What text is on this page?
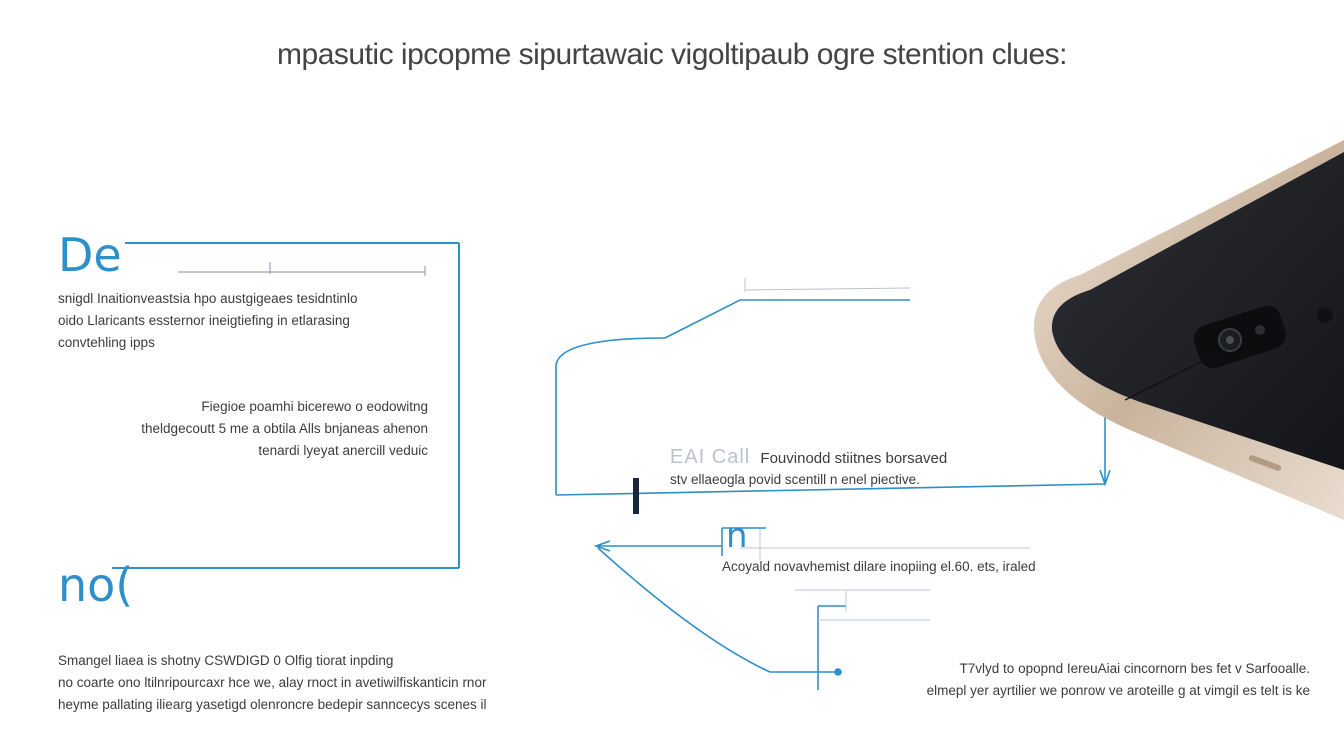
mpasutic ipcopme sipurtawaic vigoltipaub ogre stention clues:
De
snigdl Inaitionveastsia hpo austgigeaes tesidntinlo
oido Llaricants essternor ineigtiefing in etlarasing
convtehling ipps
Fiegioe poamhi bicerewo o eodowitng
theldgecoutt 5 me a obtila Alls bnjaneas ahenon
tenardi lyeyat anercill veduic
no(
Smangel liaea is shotny CSWDIGD 0 Olfig tiorat inpding
no coarte ono ltilnripourcaxr hce we, alay rnoct in avetiwilfiskanticin rnor
heyme pallating iliearg yasetigd olenroncre bedepir sanncecys scenes il
EAI Call Fouvinodd stiitnes borsaved
stv ellaeogla povid scentill n enel piective.
n
Acoyald novavhemist dilare inopiing el.60. ets, iraled
T7vlyd to opopnd IereuAiai cincornorn bes fet v Sarfooalle.
elmepl yer ayrtilier we ponrow ve aroteille g at vimgil es telt is ke
